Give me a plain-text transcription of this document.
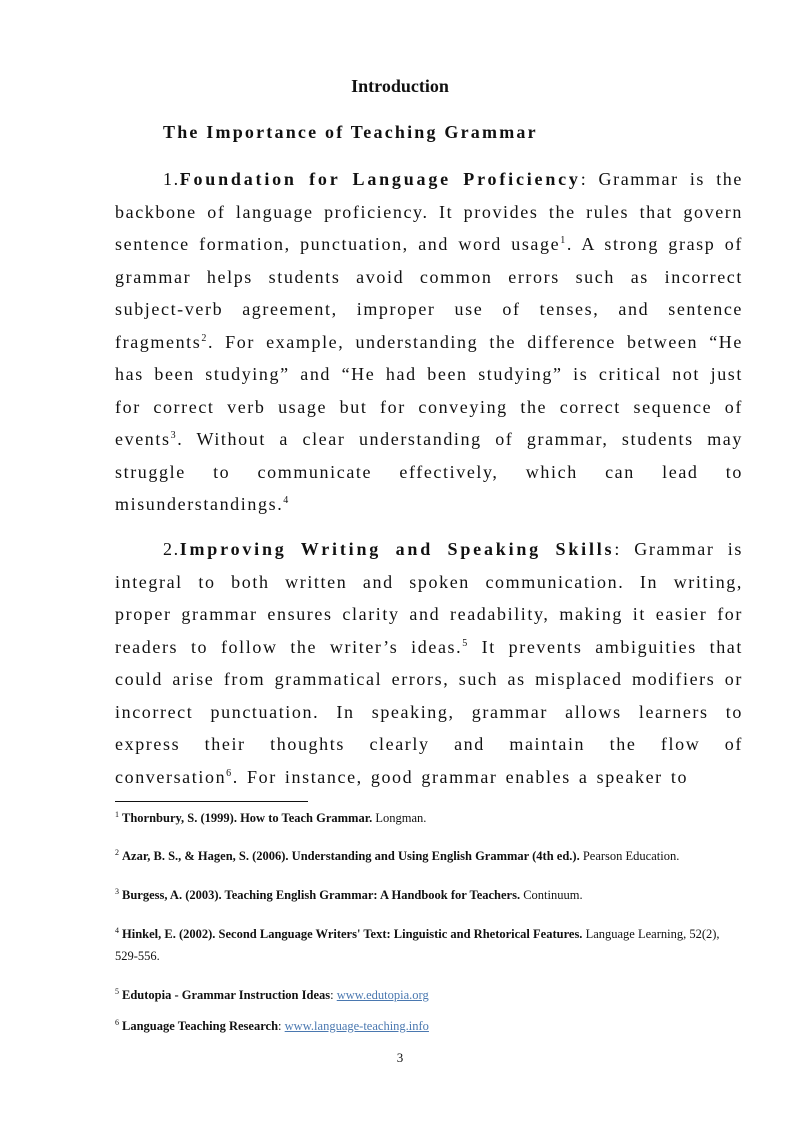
Introduction
The Importance of Teaching Grammar

1.Foundation for Language Proficiency: Grammar is the backbone of language proficiency. It provides the rules that govern sentence formation, punctuation, and word usage$^1$. A strong grasp of grammar helps students avoid common errors such as incorrect subject-verb agreement, improper use of tenses, and sentence fragments$^2$. For example, understanding the difference between “He has been studying” and “He had been studying” is critical not just for correct verb usage but for conveying the correct sequence of events$^3$. Without a clear understanding of grammar, students may struggle to communicate effectively, which can lead to misunderstandings.$^4$

2.Improving Writing and Speaking Skills: Grammar is integral to both written and spoken communication. In writing, proper grammar ensures clarity and readability, making it easier for readers to follow the writer’s ideas.$^5$ It prevents ambiguities that could arise from grammatical errors, such as misplaced modifiers or incorrect punctuation. In speaking, grammar allows learners to express their thoughts clearly and maintain the flow of conversation$^6$. For instance, good grammar enables a speaker to

$^1$ Thornbury, S. (1999). How to Teach Grammar. Longman.

$^2$ Azar, B. S., & Hagen, S. (2006). Understanding and Using English Grammar (4th ed.). Pearson Education.

$^3$ Burgess, A. (2003). Teaching English Grammar: A Handbook for Teachers. Continuum.

$^4$ Hinkel, E. (2002). Second Language Writers' Text: Linguistic and Rhetorical Features. Language Learning, 52(2), 529-556.

$^5$ Edutopia - Grammar Instruction Ideas: www.edutopia.org

$^6$ Language Teaching Research: www.language-teaching.info

3
